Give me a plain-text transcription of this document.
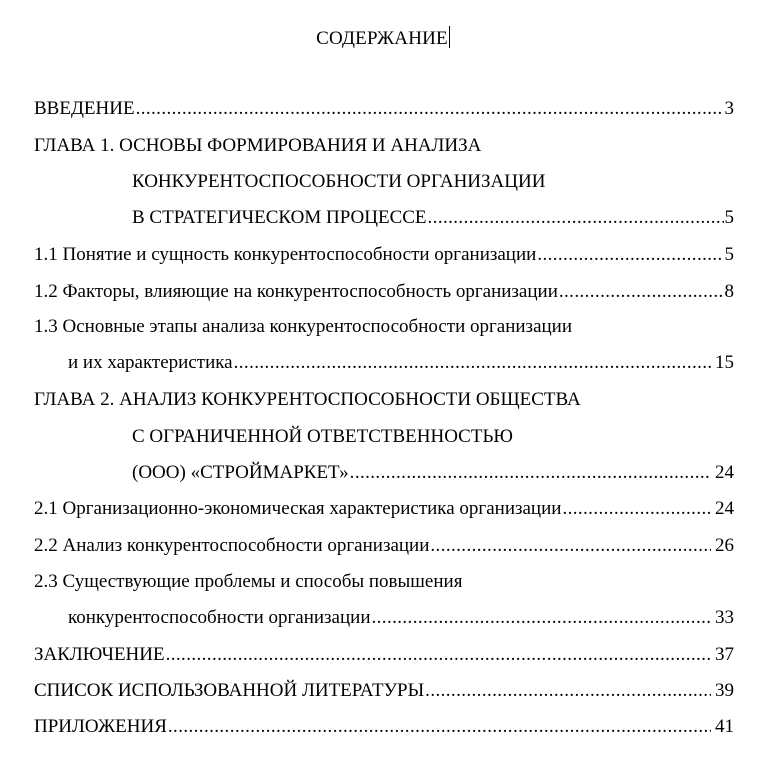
СОДЕРЖАНИЕ
ВВЕДЕНИЕ .....	3
ГЛАВА 1. ОСНОВЫ ФОРМИРОВАНИЯ И АНАЛИЗА
КОНКУРЕНТОСПОСОБНОСТИ ОРГАНИЗАЦИИ
В СТРАТЕГИЧЕСКОМ ПРОЦЕССЕ .....	5
1.1 Понятие и сущность конкурентоспособности организации .....	5
1.2 Факторы, влияющие на конкурентоспособность организации .....	8
1.3 Основные этапы анализа конкурентоспособности организации
и их характеристика .....	15
ГЛАВА 2. АНАЛИЗ КОНКУРЕНТОСПОСОБНОСТИ ОБЩЕСТВА
С ОГРАНИЧЕННОЙ ОТВЕТСТВЕННОСТЬЮ
(ООО) «СТРОЙМАРКЕТ» .....	24
2.1 Организационно-экономическая характеристика организации .....	24
2.2 Анализ конкурентоспособности организации .....	26
2.3 Существующие проблемы и способы повышения
конкурентоспособности организации .....	33
ЗАКЛЮЧЕНИЕ .....	37
СПИСОК ИСПОЛЬЗОВАННОЙ ЛИТЕРАТУРЫ .....	39
ПРИЛОЖЕНИЯ .....	41
